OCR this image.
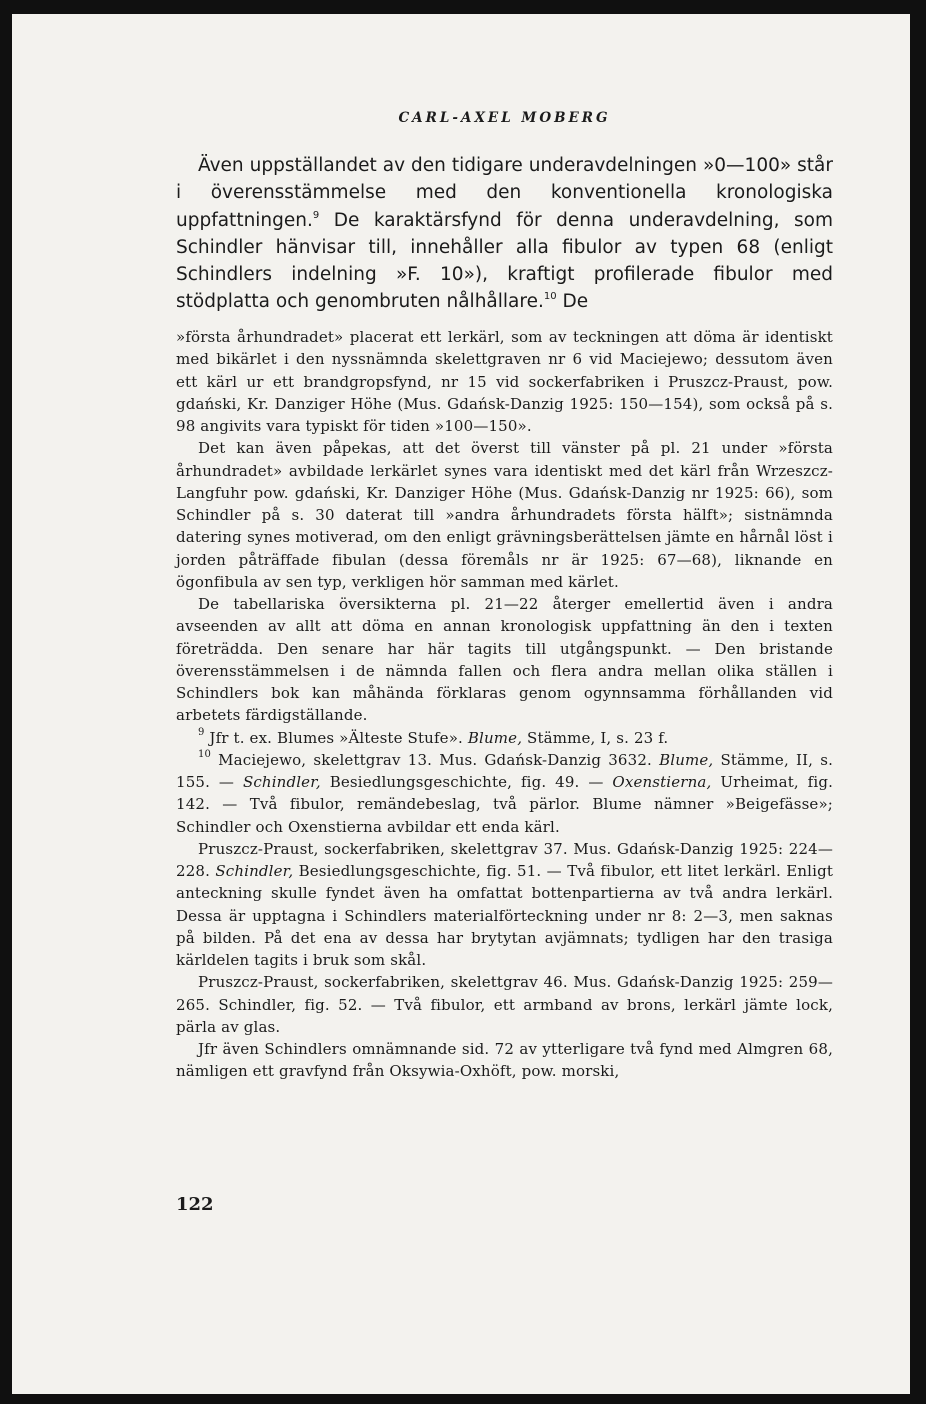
CARL-AXEL MOBERG

Även uppställandet av den tidigare underavdelningen »0—100» står i överensstämmelse med den konventionella kronologiska uppfattningen.$^9$ De karaktärsfynd för denna underavdelning, som Schindler hänvisar till, innehåller alla fibulor av typen 68 (enligt Schindlers indelning »F. 10»), kraftigt profilerade fibulor med stödplatta och genombruten nålhållare.$^{10}$ De

»första århundradet» placerat ett lerkärl, som av teckningen att döma är identiskt med bikärlet i den nyssnämnda skelettgraven nr 6 vid Maciejewo; dessutom även ett kärl ur ett brandgropsfynd, nr 15 vid sockerfabriken i Pruszcz-Praust, pow. gdański, Kr. Danziger Höhe (Mus. Gdańsk-Danzig 1925: 150—154), som också på s. 98 angivits vara typiskt för tiden »100—150».

Det kan även påpekas, att det överst till vänster på pl. 21 under »första århundradet» avbildade lerkärlet synes vara identiskt med det kärl från Wrzeszcz-Langfuhr pow. gdański, Kr. Danziger Höhe (Mus. Gdańsk-Danzig nr 1925: 66), som Schindler på s. 30 daterat till »andra århundradets första hälft»; sistnämnda datering synes motiverad, om den enligt grävningsberättelsen jämte en hårnål löst i jorden påträffade fibulan (dessa föremåls nr är 1925: 67—68), liknande en ögonfibula av sen typ, verkligen hör samman med kärlet.

De tabellariska översikterna pl. 21—22 återger emellertid även i andra avseenden av allt att döma en annan kronologisk uppfattning än den i texten företrädda. Den senare har här tagits till utgångspunkt. — Den bristande överensstämmelsen i de nämnda fallen och flera andra mellan olika ställen i Schindlers bok kan måhända förklaras genom ogynnsamma förhållanden vid arbetets färdigställande.

$^9$ Jfr t. ex. Blumes »Älteste Stufe». Blume, Stämme, I, s. 23 f.

$^{10}$ Maciejewo, skelettgrav 13. Mus. Gdańsk-Danzig 3632. Blume, Stämme, II, s. 155. — Schindler, Besiedlungsgeschichte, fig. 49. — Oxenstierna, Urheimat, fig. 142. — Två fibulor, remändebeslag, två pärlor. Blume nämner »Beigefässe»; Schindler och Oxenstierna avbildar ett enda kärl.

Pruszcz-Praust, sockerfabriken, skelettgrav 37. Mus. Gdańsk-Danzig 1925: 224—228. Schindler, Besiedlungsgeschichte, fig. 51. — Två fibulor, ett litet lerkärl. Enligt anteckning skulle fyndet även ha omfattat bottenpartierna av två andra lerkärl. Dessa är upptagna i Schindlers materialförteckning under nr 8: 2—3, men saknas på bilden. På det ena av dessa har brytytan avjämnats; tydligen har den trasiga kärldelen tagits i bruk som skål.

Pruszcz-Praust, sockerfabriken, skelettgrav 46. Mus. Gdańsk-Danzig 1925: 259—265. Schindler, fig. 52. — Två fibulor, ett armband av brons, lerkärl jämte lock, pärla av glas.

Jfr även Schindlers omnämnande sid. 72 av ytterligare två fynd med Almgren 68, nämligen ett gravfynd från Oksywia-Oxhöft, pow. morski,

122
